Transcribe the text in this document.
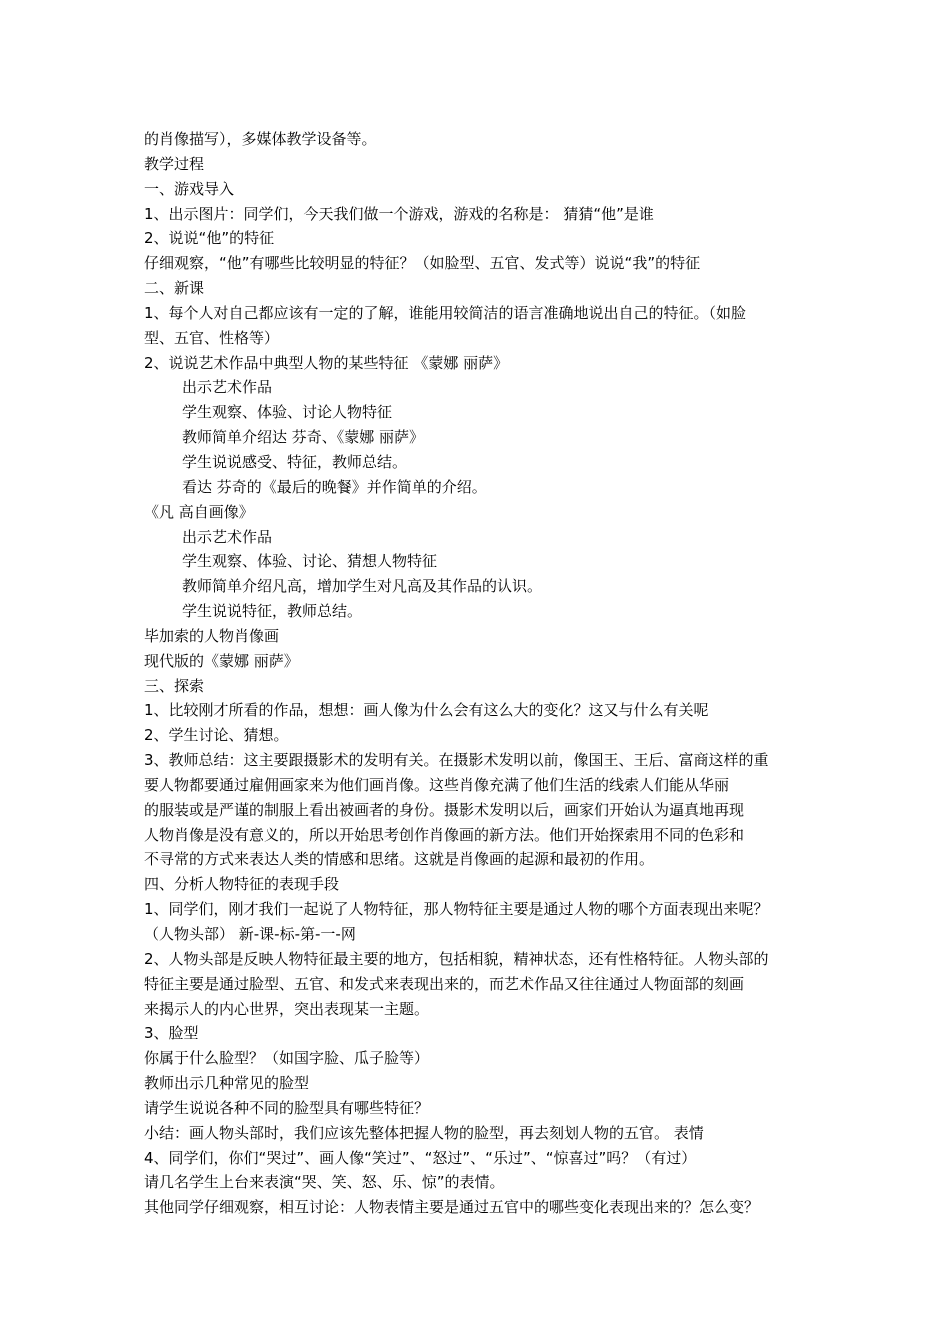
的肖像描写），多媒体教学设备等。
教学过程
一、游戏导入
1、出示图片：同学们，今天我们做一个游戏，游戏的名称是： 猜猜“他”是谁
2、说说“他”的特征
仔细观察，“他”有哪些比较明显的特征？（如脸型、五官、发式等）说说“我”的特征
二、新课
1、每个人对自己都应该有一定的了解，谁能用较简洁的语言准确地说出自己的特征。（如脸
型、五官、性格等）
2、说说艺术作品中典型人物的某些特征 《蒙娜 丽萨》
出示艺术作品
学生观察、体验、讨论人物特征
教师简单介绍达 芬奇、《蒙娜 丽萨》
学生说说感受、特征，教师总结。
看达 芬奇的《最后的晚餐》并作简单的介绍。
《凡 高自画像》
出示艺术作品
学生观察、体验、讨论、猜想人物特征
教师简单介绍凡高，增加学生对凡高及其作品的认识。
学生说说特征，教师总结。
毕加索的人物肖像画
现代版的《蒙娜 丽萨》
三、探索
1、比较刚才所看的作品，想想：画人像为什么会有这么大的变化？这又与什么有关呢
2、学生讨论、猜想。
3、教师总结：这主要跟摄影术的发明有关。在摄影术发明以前，像国王、王后、富商这样的重
要人物都要通过雇佣画家来为他们画肖像。这些肖像充满了他们生活的线索人们能从华丽
的服装或是严谨的制服上看出被画者的身份。摄影术发明以后，画家们开始认为逼真地再现
人物肖像是没有意义的，所以开始思考创作肖像画的新方法。他们开始探索用不同的色彩和
不寻常的方式来表达人类的情感和思绪。这就是肖像画的起源和最初的作用。
四、分析人物特征的表现手段
1、同学们，刚才我们一起说了人物特征，那人物特征主要是通过人物的哪个方面表现出来呢？
（人物头部） 新-课-标-第-一-网
2、人物头部是反映人物特征最主要的地方，包括相貌，精神状态，还有性格特征。人物头部的
特征主要是通过脸型、五官、和发式来表现出来的，而艺术作品又往往通过人物面部的刻画
来揭示人的内心世界，突出表现某一主题。
3、脸型
你属于什么脸型？（如国字脸、瓜子脸等）
教师出示几种常见的脸型
请学生说说各种不同的脸型具有哪些特征？
小结：画人物头部时，我们应该先整体把握人物的脸型，再去刻划人物的五官。 表情
4、同学们，你们“哭过”、画人像“笑过”、“怒过”、“乐过”、“惊喜过”吗？（有过）
请几名学生上台来表演“哭、笑、怒、乐、惊”的表情。
其他同学仔细观察，相互讨论：人物表情主要是通过五官中的哪些变化表现出来的？怎么变？
